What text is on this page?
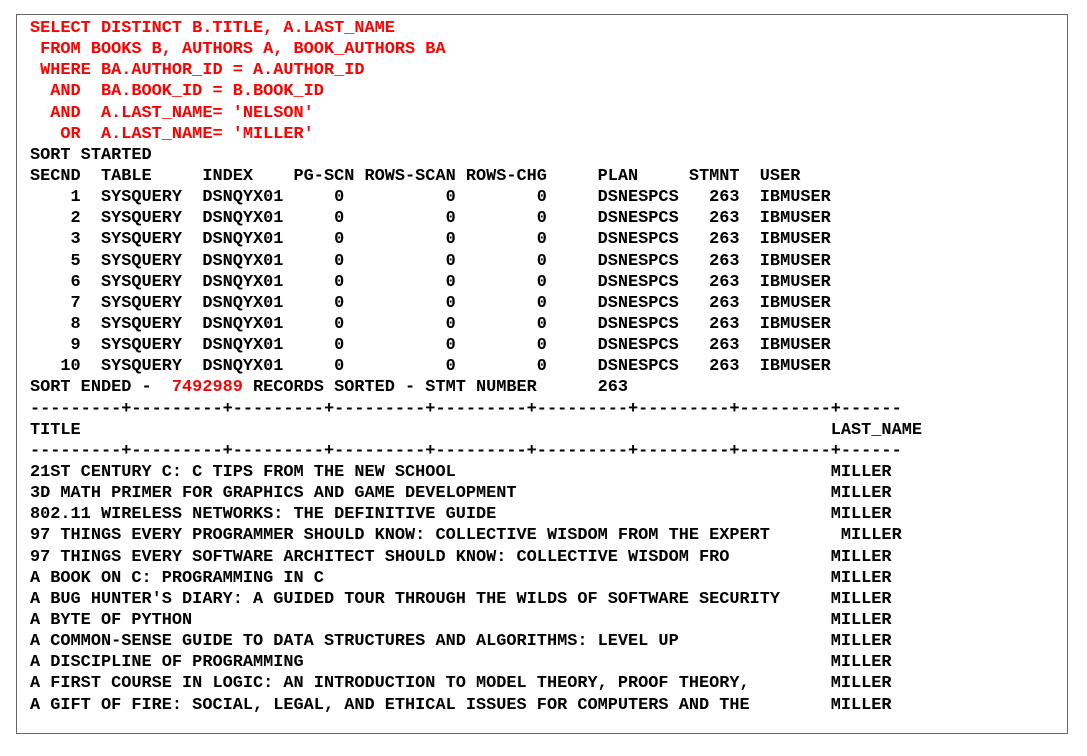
SELECT DISTINCT B.TITLE, A.LAST_NAME
FROM BOOKS B, AUTHORS A, BOOK_AUTHORS BA
WHERE BA.AUTHOR_ID = A.AUTHOR_ID
AND  BA.BOOK_ID = B.BOOK_ID
AND  A.LAST_NAME= 'NELSON'
OR  A.LAST_NAME= 'MILLER'
SORT STARTED
SECND  TABLE     INDEX    PG-SCN ROWS-SCAN ROWS-CHG     PLAN     STMNT  USER
1  SYSQUERY  DSNQYX01     0          0        0     DSNESPCS   263  IBMUSER
2  SYSQUERY  DSNQYX01     0          0        0     DSNESPCS   263  IBMUSER
3  SYSQUERY  DSNQYX01     0          0        0     DSNESPCS   263  IBMUSER
5  SYSQUERY  DSNQYX01     0          0        0     DSNESPCS   263  IBMUSER
6  SYSQUERY  DSNQYX01     0          0        0     DSNESPCS   263  IBMUSER
7  SYSQUERY  DSNQYX01     0          0        0     DSNESPCS   263  IBMUSER
8  SYSQUERY  DSNQYX01     0          0        0     DSNESPCS   263  IBMUSER
9  SYSQUERY  DSNQYX01     0          0        0     DSNESPCS   263  IBMUSER
10  SYSQUERY  DSNQYX01     0          0        0     DSNESPCS   263  IBMUSER
SORT ENDED -  7492989 RECORDS SORTED - STMT NUMBER      263
---------+---------+---------+---------+---------+---------+---------+---------+------
TITLE                                                                          LAST_NAME
---------+---------+---------+---------+---------+---------+---------+---------+------
21ST CENTURY C: C TIPS FROM THE NEW SCHOOL                                     MILLER
3D MATH PRIMER FOR GRAPHICS AND GAME DEVELOPMENT                               MILLER
802.11 WIRELESS NETWORKS: THE DEFINITIVE GUIDE                                 MILLER
97 THINGS EVERY PROGRAMMER SHOULD KNOW: COLLECTIVE WISDOM FROM THE EXPERT       MILLER
97 THINGS EVERY SOFTWARE ARCHITECT SHOULD KNOW: COLLECTIVE WISDOM FRO          MILLER
A BOOK ON C: PROGRAMMING IN C                                                  MILLER
A BUG HUNTER'S DIARY: A GUIDED TOUR THROUGH THE WILDS OF SOFTWARE SECURITY     MILLER
A BYTE OF PYTHON                                                               MILLER
A COMMON-SENSE GUIDE TO DATA STRUCTURES AND ALGORITHMS: LEVEL UP               MILLER
A DISCIPLINE OF PROGRAMMING                                                    MILLER
A FIRST COURSE IN LOGIC: AN INTRODUCTION TO MODEL THEORY, PROOF THEORY,        MILLER
A GIFT OF FIRE: SOCIAL, LEGAL, AND ETHICAL ISSUES FOR COMPUTERS AND THE        MILLER
